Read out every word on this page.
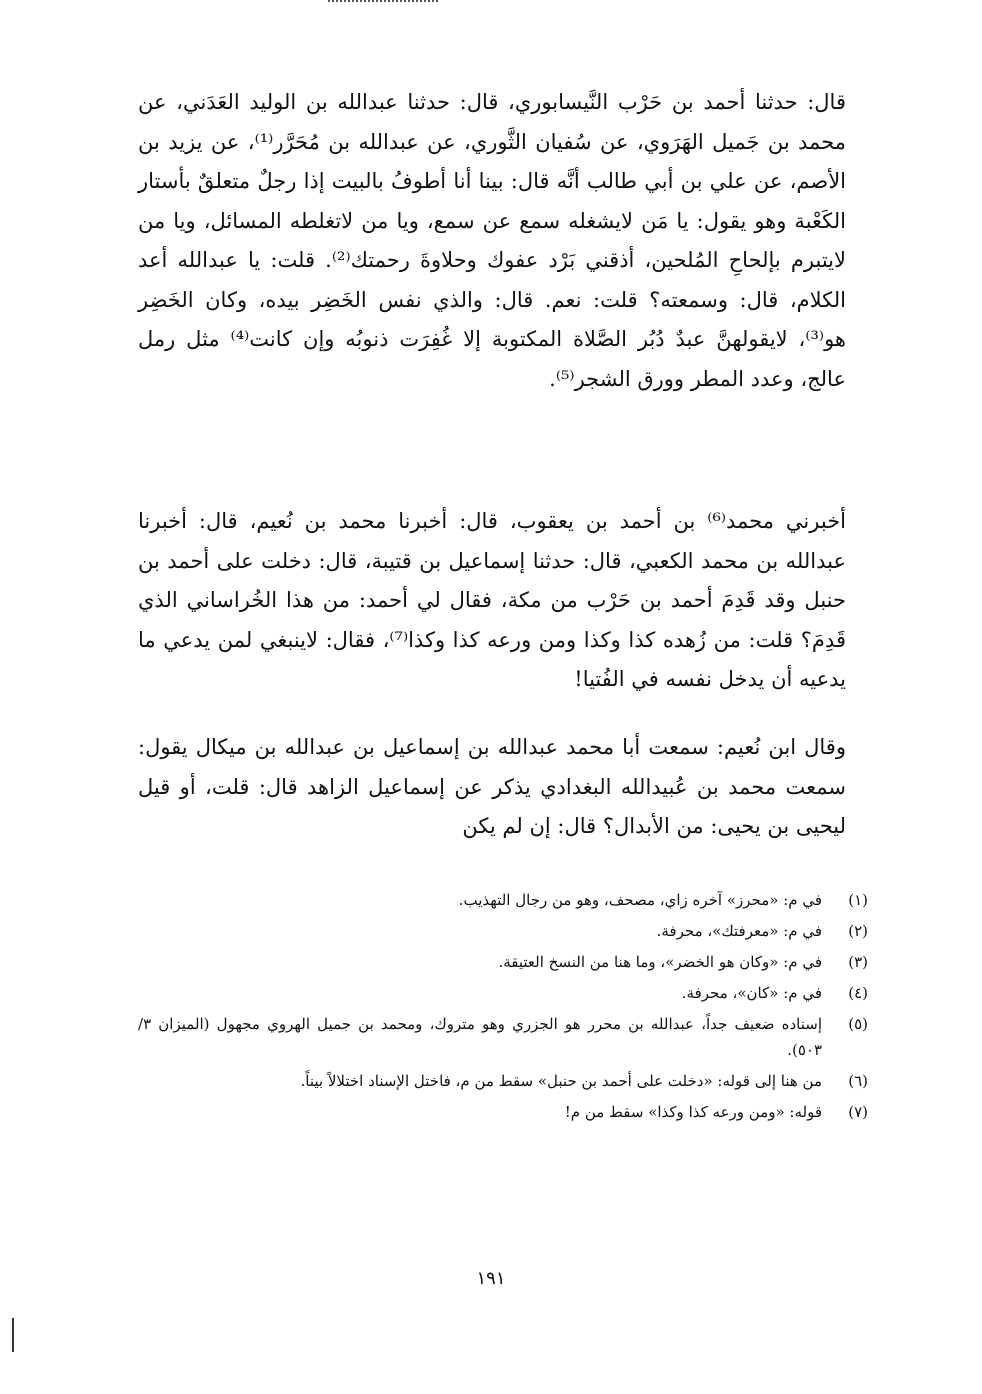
قال: حدثنا أحمد بن حَرْب النَّيسابوري، قال: حدثنا عبدالله بن الوليد العَدَني، عن محمد بن جَميل الهَرَوي، عن سُفيان الثَّوري، عن عبدالله بن مُحَرَّر⁽¹⁾، عن يزيد بن الأصم، عن علي بن أبي طالب أنَّه قال: بينا أنا أطوفُ بالبيت إذا رجلٌ متعلقٌ بأستار الكَعْبة وهو يقول: يا مَن لايشغله سمع عن سمع، ويا من لاتغلطه المسائل، ويا من لايتبرم بإلحاحِ المُلحين، أذقني بَرْد عفوك وحلاوةَ رحمتك⁽²⁾. قلت: يا عبدالله أعد الكلام، قال: وسمعته؟ قلت: نعم. قال: والذي نفس الخَضِر بيده، وكان الخَضِر هو⁽³⁾، لايقولهنَّ عبدٌ دُبُر الصَّلاة المكتوبة إلا غُفِرَت ذنوبُه وإن كانت⁽⁴⁾ مثل رمل عالج، وعدد المطر وورق الشجر⁽⁵⁾.

أخبرني محمد⁽⁶⁾ بن أحمد بن يعقوب، قال: أخبرنا محمد بن نُعيم، قال: أخبرنا عبدالله بن محمد الكعبي، قال: حدثنا إسماعيل بن قتيبة، قال: دخلت على أحمد بن حنبل وقد قَدِمَ أحمد بن حَرْب من مكة، فقال لي أحمد: من هذا الخُراساني الذي قَدِمَ؟ قلت: من زُهده كذا وكذا ومن ورعه كذا وكذا⁽⁷⁾، فقال: لاينبغي لمن يدعي ما يدعيه أن يدخل نفسه في الفُتيا!

وقال ابن نُعيم: سمعت أبا محمد عبدالله بن إسماعيل بن عبدالله بن ميكال يقول: سمعت محمد بن عُبيدالله البغدادي يذكر عن إسماعيل الزاهد قال: قلت، أو قيل ليحيى بن يحيى: من الأبدال؟ قال: إن لم يكن

(١)
في م: «محرز» آخره زاي، مصحف، وهو من رجال التهذيب.
(٢)
في م: «معرفتك»، محرفة.
(٣)
في م: «وكان هو الخضر»، وما هنا من النسخ العتيقة.
(٤)
في م: «كان»، محرفة.
(٥)
إسناده ضعيف جداً، عبدالله بن محرر هو الجزري وهو متروك، ومحمد بن جميل الهروي مجهول (الميزان ٣/ ٥٠٣).
(٦)
من هنا إلى قوله: «دخلت على أحمد بن حنبل» سقط من م، فاختل الإسناد اختلالاً بيناً.
(٧)
قوله: «ومن ورعه كذا وكذا» سقط من م!
١٩١
